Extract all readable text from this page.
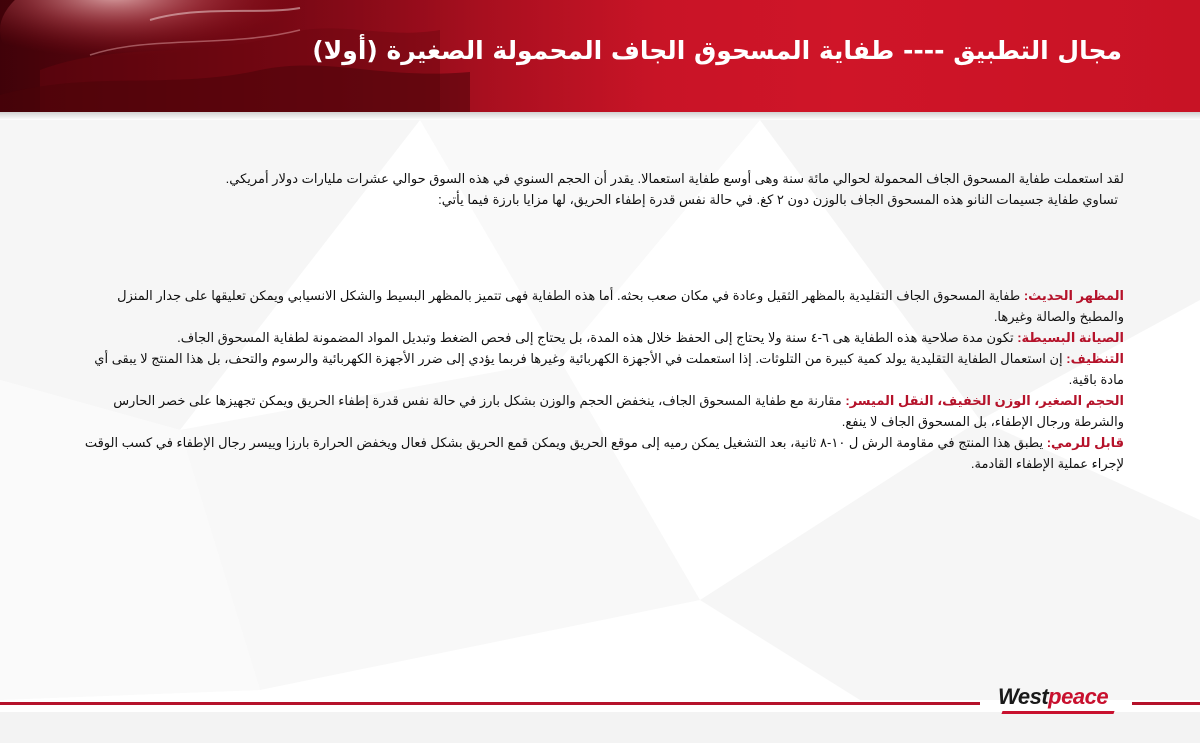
مجال التطبيق ---- طفاية المسحوق الجاف المحمولة الصغيرة (أولا)

لقد استعملت طفاية المسحوق الجاف المحمولة لحوالي مائة سنة وهى أوسع طفاية استعمالا. يقدر أن الحجم السنوي في هذه السوق حوالي عشرات مليارات دولار أمريكي.

تساوي طفاية جسيمات النانو هذه المسحوق الجاف بالوزن دون ٢ كغ. في حالة نفس قدرة إطفاء الحريق، لها مزايا بارزة فيما يأتي:

المظهر الحديث: طفاية المسحوق الجاف التقليدية بالمظهر الثقيل وعادة في مكان صعب بحثه. أما هذه الطفاية فهى تتميز بالمظهر البسيط والشكل الانسيابي ويمكن تعليقها على جدار المنزل والمطبخ والصالة وغيرها.

الصيانة البسيطة: تكون مدة صلاحية هذه الطفاية هى ٦-٤ سنة ولا يحتاج إلى الحفظ خلال هذه المدة، بل يحتاج إلى فحص الضغط وتبديل المواد المضمونة لطفاية المسحوق الجاف.

التنظيف: إن استعمال الطفاية التقليدية يولد كمية كبيرة من التلوثات. إذا استعملت في الأجهزة الكهربائية وغيرها فربما يؤدي إلى ضرر الأجهزة الكهربائية والرسوم والتحف، بل هذا المنتج لا يبقى أي مادة باقية.

الحجم الصغير، الوزن الخفيف، النقل الميسر: مقارنة مع طفاية المسحوق الجاف، ينخفض الحجم والوزن بشكل بارز في حالة نفس قدرة إطفاء الحريق ويمكن تجهيزها على خصر الحارس والشرطة ورجال الإطفاء، بل المسحوق الجاف لا ينفع.

قابل للرمي: يطبق هذا المنتج في مقاومة الرش ل ١٠-٨ ثانية، بعد التشغيل يمكن رميه إلى موقع الحريق ويمكن قمع الحريق بشكل فعال ويخفض الحرارة بارزا وييسر رجال الإطفاء في كسب الوقت لإجراء عملية الإطفاء القادمة.

Westpeace
